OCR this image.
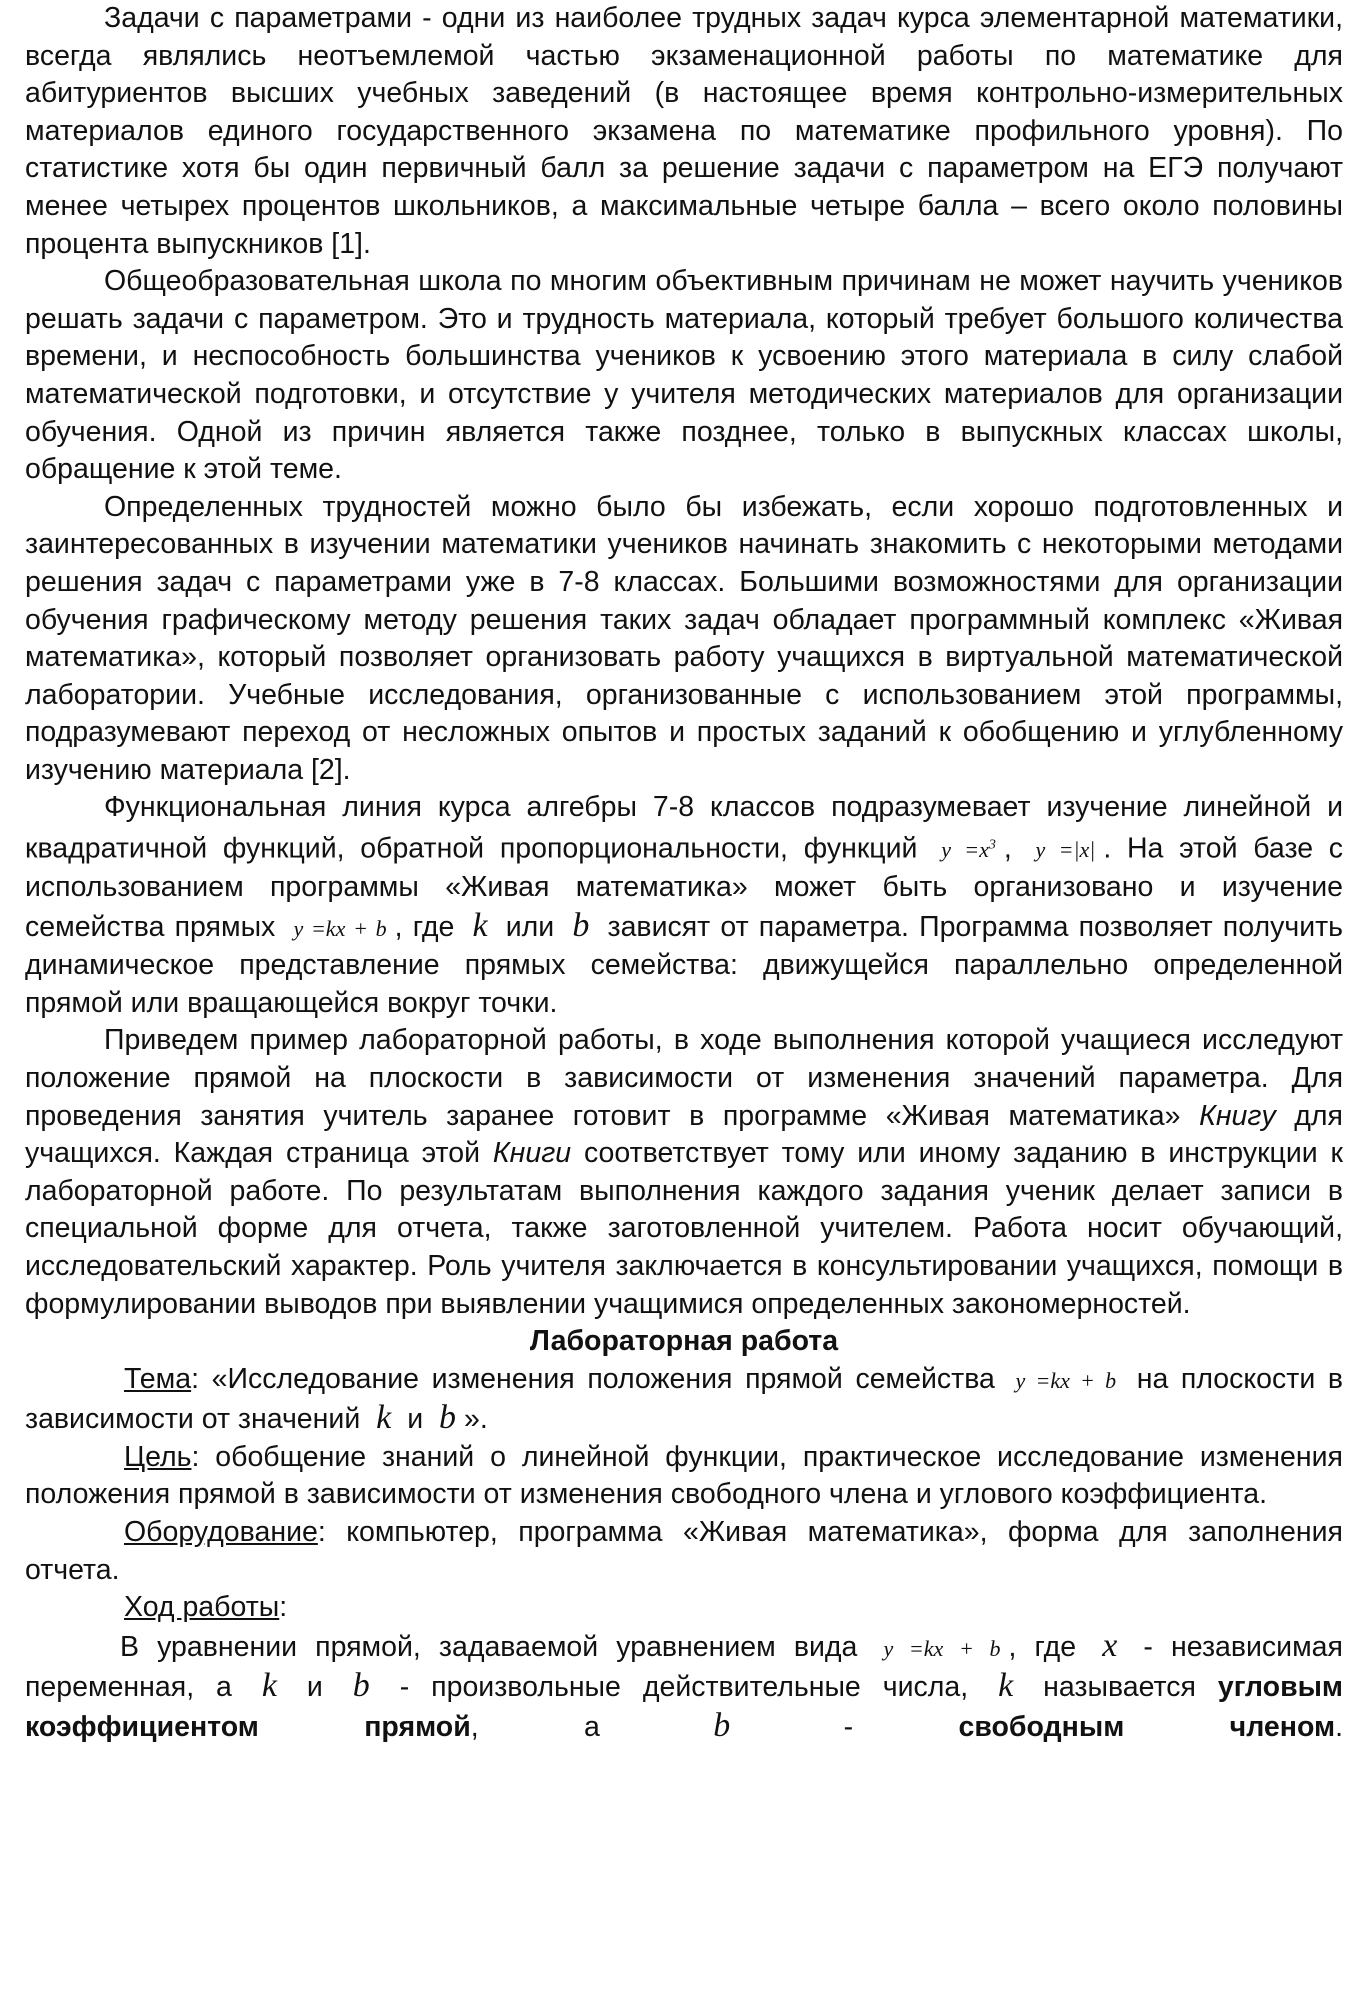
Задачи с параметрами - одни из наиболее трудных задач курса элементарной математики, всегда являлись неотъемлемой частью экзаменационной работы по математике для абитуриентов высших учебных заведений (в настоящее время контрольно-измерительных материалов единого государственного экзамена по математике профильного уровня). По статистике хотя бы один первичный балл за решение задачи с параметром на ЕГЭ получают менее четырех процентов школьников, а максимальные четыре балла – всего около половины процента выпускников [1].

Общеобразовательная школа по многим объективным причинам не может научить учеников решать задачи с параметром. Это и трудность материала, который требует большого количества времени, и неспособность большинства учеников к усвоению этого материала в силу слабой математической подготовки, и отсутствие у учителя методических материалов для организации обучения. Одной из причин является также позднее, только в выпускных классах школы, обращение к этой теме.

Определенных трудностей можно было бы избежать, если хорошо подготовленных и заинтересованных в изучении математики учеников начинать знакомить с некоторыми методами решения задач с параметрами уже в 7-8 классах. Большими возможностями для организации обучения графическому методу решения таких задач обладает программный комплекс «Живая математика», который позволяет организовать работу учащихся в виртуальной математической лаборатории. Учебные исследования, организованные с использованием этой программы, подразумевают переход от несложных опытов и простых заданий к обобщению и углубленному изучению материала [2].

Функциональная линия курса алгебры 7-8 классов подразумевает изучение линейной и квадратичной функций, обратной пропорциональности, функций $y =x^3$ , y =|x| . На этой базе с использованием программы «Живая математика» может быть организовано и изучение семейства прямых y =kx + b , где k или b зависят от параметра. Программа позволяет получить динамическое представление прямых семейства: движущейся параллельно определенной прямой или вращающейся вокруг точки.

Приведем пример лабораторной работы, в ходе выполнения которой учащиеся исследуют положение прямой на плоскости в зависимости от изменения значений параметра. Для проведения занятия учитель заранее готовит в программе «Живая математика» Книгу для учащихся. Каждая страница этой Книги соответствует тому или иному заданию в инструкции к лабораторной работе. По результатам выполнения каждого задания ученик делает записи в специальной форме для отчета, также заготовленной учителем. Работа носит обучающий, исследовательский характер. Роль учителя заключается в консультировании учащихся, помощи в формулировании выводов при выявлении учащимися определенных закономерностей.

Лабораторная работа

Тема: «Исследование изменения положения прямой семейства y =kx + b на плоскости в зависимости от значений k и b ».

Цель: обобщение знаний о линейной функции, практическое исследование изменения положения прямой в зависимости от изменения свободного члена и углового коэффициента.

Оборудование: компьютер, программа «Живая математика», форма для заполнения отчета.

Ход работы:

В уравнении прямой, задаваемой уравнением вида y =kx + b , где x - независимая переменная, а k и b - произвольные действительные числа, k называется угловым коэффициентом прямой, а	b	-	свободным членом.
